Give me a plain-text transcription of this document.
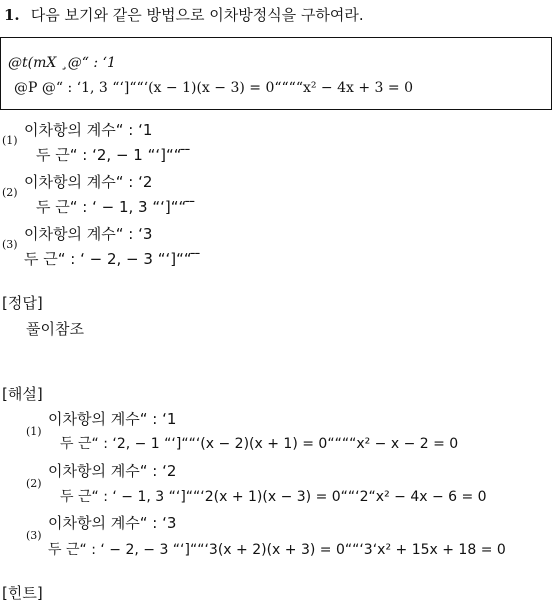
1. 다음 보기와 같은 방법으로 이차방정식을 구하여라.
@t(mX ¸@“ : ‘1
@P @“ : ‘1, 3 “‘]““‘(x − 1)(x − 3) = 0““““x² − 4x + 3 = 0
(1)
이차항의 계수“ : ‘1
두 근“ : ‘2, − 1 “‘]““ ̄ ̄
(2)
이차항의 계수“ : ‘2
두 근“ : ‘ − 1, 3 “‘]““ ̄ ̄
(3)
이차항의 계수“ : ‘3
두 근“ : ‘ − 2, − 3 “‘]““ ̄ ̄
[정답]
풀이참조
[해설]
(1)
이차항의 계수“ : ‘1
두 근“ : ‘2, − 1 “‘]““‘(x − 2)(x + 1) = 0““““x² − x − 2 = 0
(2)
이차항의 계수“ : ‘2
두 근“ : ‘ − 1, 3 “‘]““‘2(x + 1)(x − 3) = 0““‘2“x² − 4x − 6 = 0
(3)
이차항의 계수“ : ‘3
두 근“ : ‘ − 2, − 3 “‘]““‘3(x + 2)(x + 3) = 0““‘3‘x² + 15x + 18 = 0
[힌트]
